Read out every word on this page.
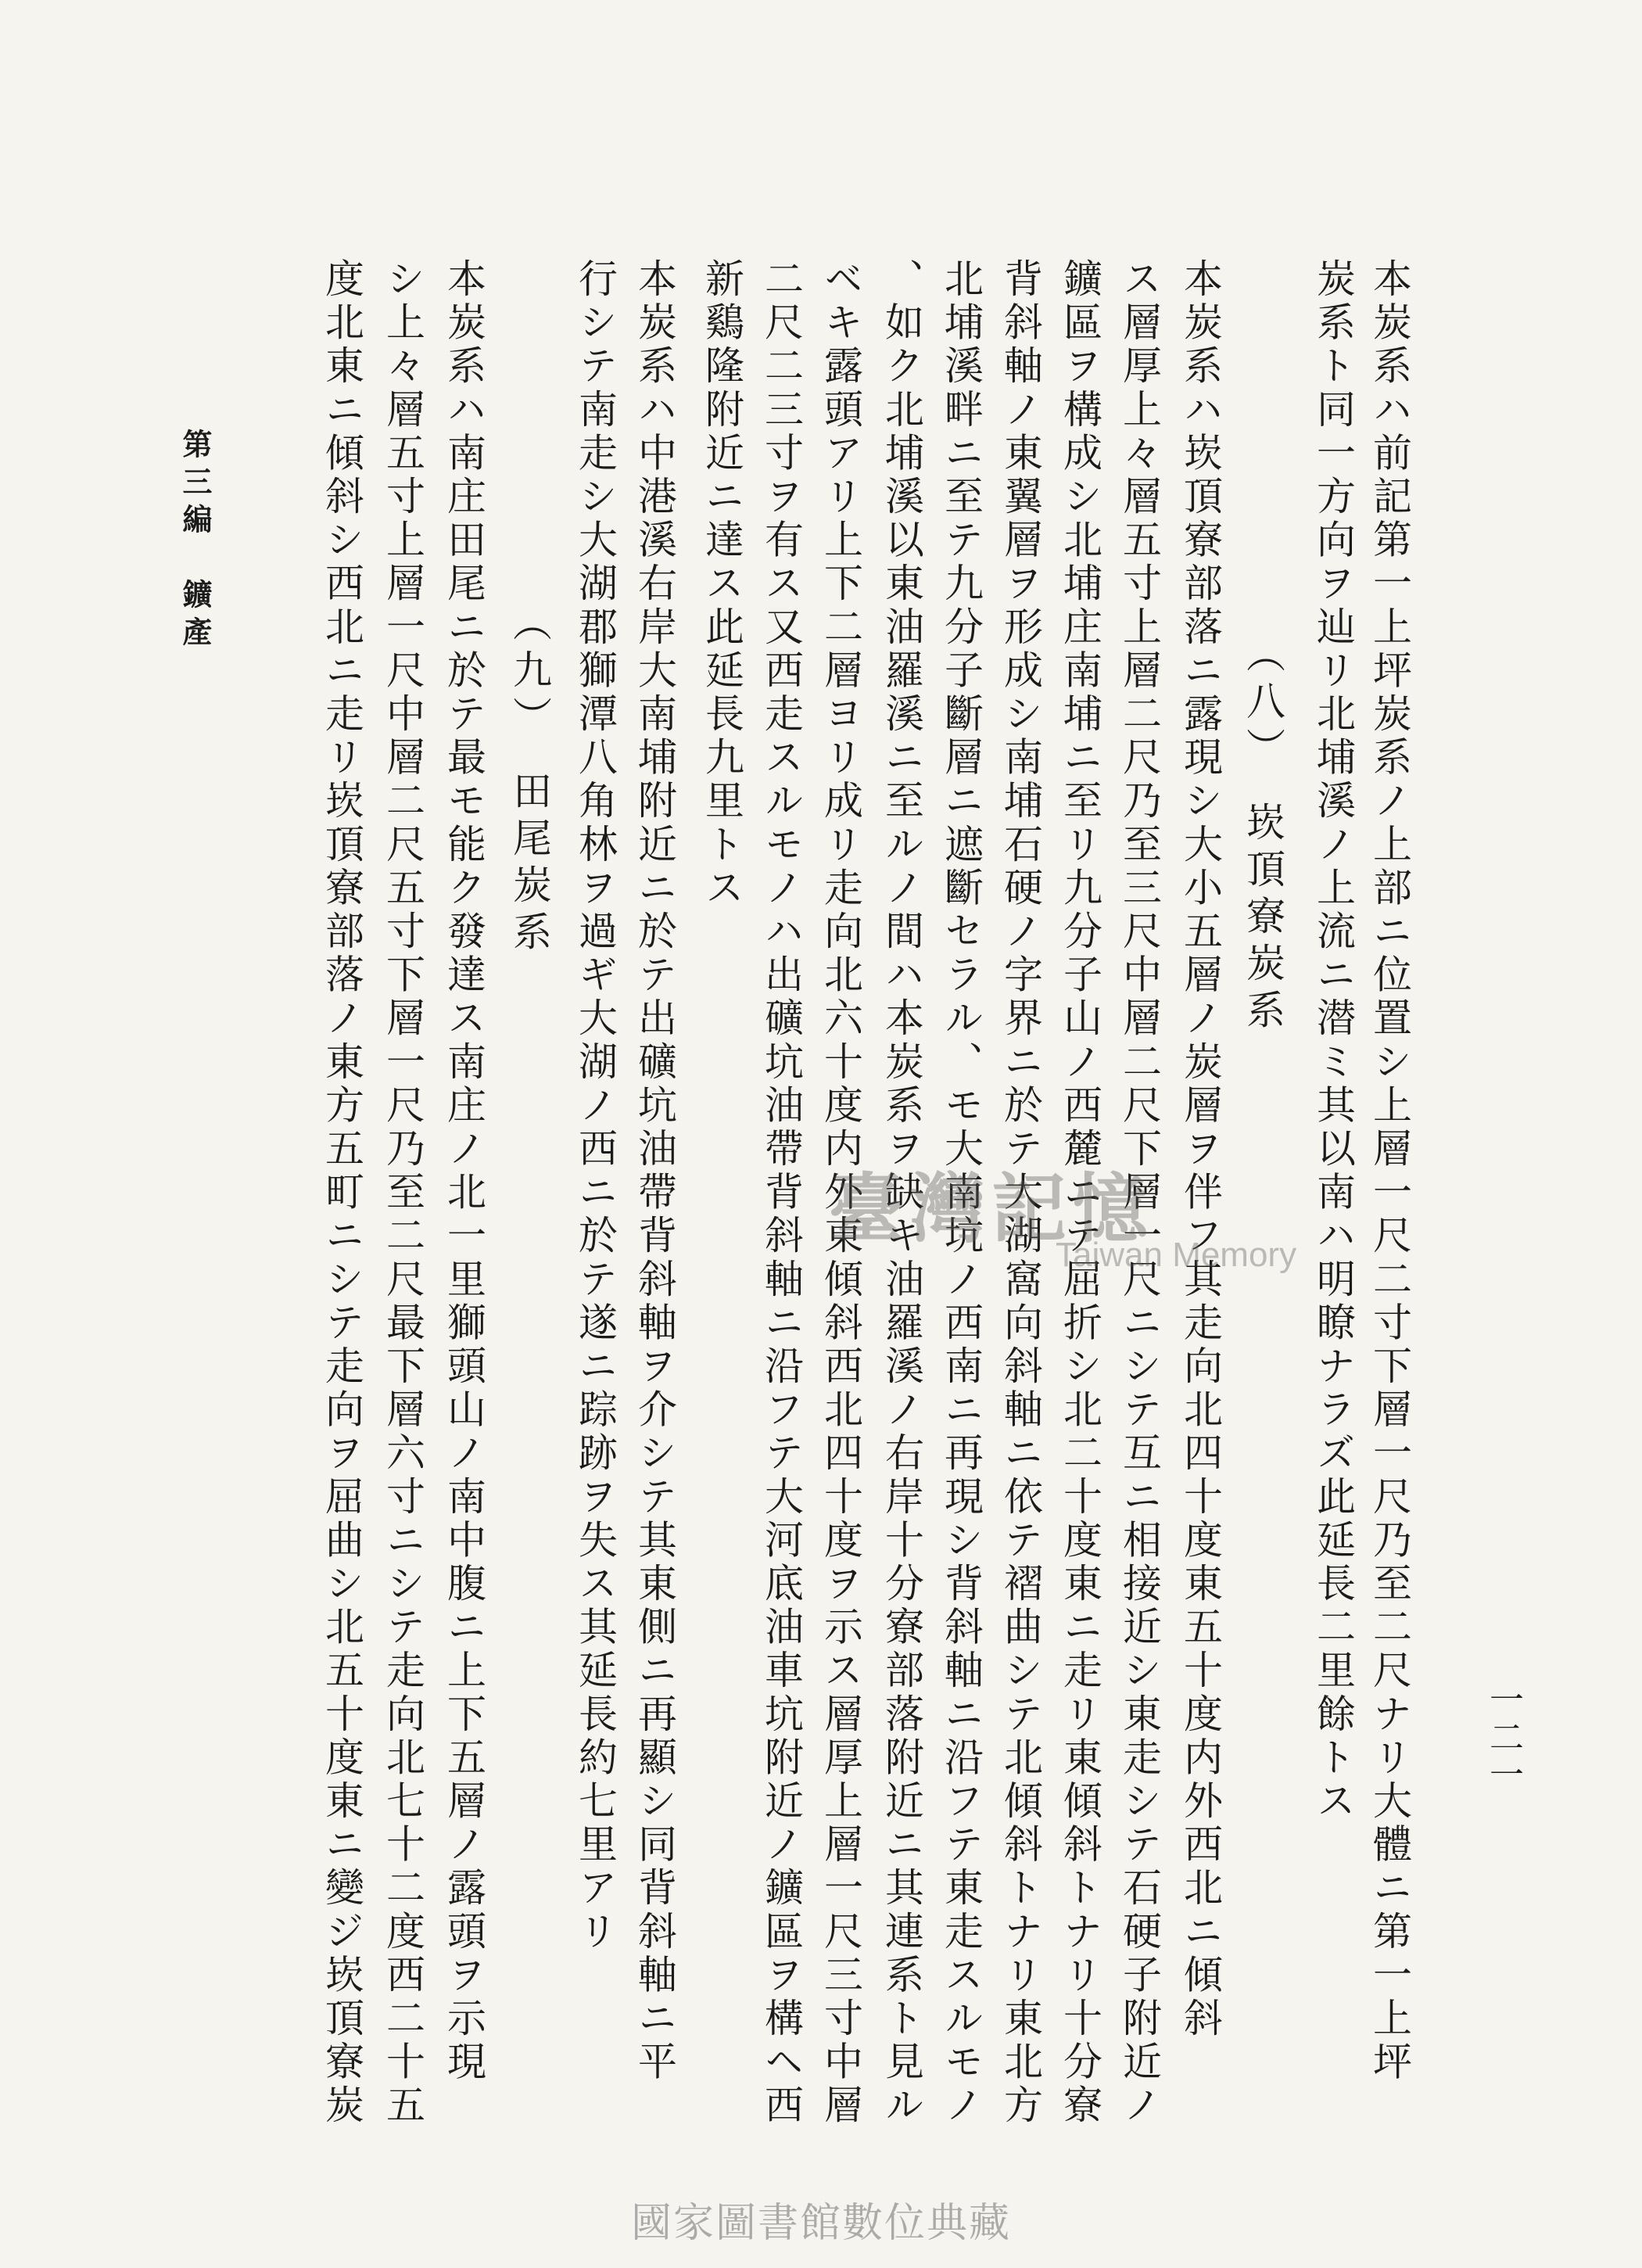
本炭系ハ前記第一上坪炭系ノ上部ニ位置シ上層一尺二寸下層一尺乃至二尺ナリ大體ニ第一上坪
炭系ト同一方向ヲ辿リ北埔溪ノ上流ニ潜ミ其以南ハ明瞭ナラズ此延長二里餘トス
（八）　崁頂寮炭系
本炭系ハ崁頂寮部落ニ露現シ大小五層ノ炭層ヲ伴フ其走向北四十度東五十度内外西北ニ傾斜
ス層厚上々層五寸上層二尺乃至三尺中層二尺下層一尺ニシテ互ニ相接近シ東走シテ石硬子附近ノ
鑛區ヲ構成シ北埔庄南埔ニ至リ九分子山ノ西麓ニテ屈折シ北二十度東ニ走リ東傾斜トナリ十分寮
背斜軸ノ東翼層ヲ形成シ南埔石硬ノ字界ニ於テ大湖窩向斜軸ニ依テ褶曲シテ北傾斜トナリ東北方
北埔溪畔ニ至テ九分子斷層ニ遮斷セラル、モ大南坑ノ西南ニ再現シ背斜軸ニ沿フテ東走スルモノ
、如ク北埔溪以東油羅溪ニ至ルノ間ハ本炭系ヲ缺キ油羅溪ノ右岸十分寮部落附近ニ其連系ト見ル
ベキ露頭アリ上下二層ヨリ成リ走向北六十度内外東傾斜西北四十度ヲ示ス層厚上層一尺三寸中層
二尺二三寸ヲ有ス又西走スルモノハ出礦坑油帶背斜軸ニ沿フテ大河底油車坑附近ノ鑛區ヲ構ヘ西
新鷄隆附近ニ達ス此延長九里トス
本炭系ハ中港溪右岸大南埔附近ニ於テ出礦坑油帶背斜軸ヲ介シテ其東側ニ再顯シ同背斜軸ニ平
行シテ南走シ大湖郡獅潭八角林ヲ過ギ大湖ノ西ニ於テ遂ニ踪跡ヲ失ス其延長約七里アリ
（九）　田尾炭系
本炭系ハ南庄田尾ニ於テ最モ能ク發達ス南庄ノ北一里獅頭山ノ南中腹ニ上下五層ノ露頭ヲ示現
シ上々層五寸上層一尺中層二尺五寸下層一尺乃至二尺最下層六寸ニシテ走向北七十二度西二十五
度北東ニ傾斜シ西北ニ走リ崁頂寮部落ノ東方五町ニシテ走向ヲ屈曲シ北五十度東ニ變ジ崁頂寮炭
第三編　鑛產
一二一
臺灣記憶
Taiwan Memory
國家圖書館數位典藏
